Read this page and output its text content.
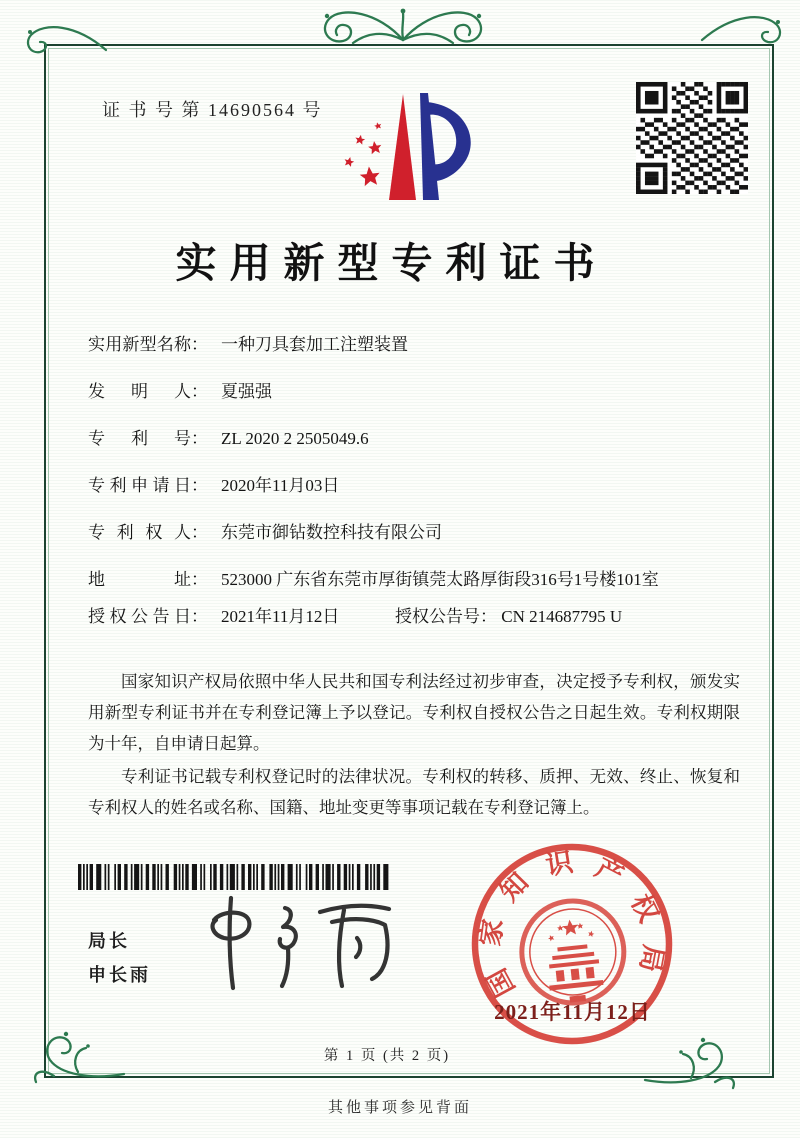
证 书 号 第 14690564 号
实用新型专利证书
实用新型名称 ： 一种刀具套加工注塑装置
发明人 ： 夏强强
专利号 ： ZL 2020 2 2505049.6
专利申请日 ： 2020年11月03日
专利权人 ： 东莞市御钻数控科技有限公司
地址 ： 523000 广东省东莞市厚街镇莞太路厚街段316号1号楼101室
授权公告日 ： 2021年11月12日	授权公告号： CN 214687795 U

国家知识产权局依照中华人民共和国专利法经过初步审查，决定授予专利权，颁发实用新型专利证书并在专利登记簿上予以登记。专利权自授权公告之日起生效。专利权期限为十年，自申请日起算。

专利证书记载专利权登记时的法律状况。专利权的转移、质押、无效、终止、恢复和专利权人的姓名或名称、国籍、地址变更等事项记载在专利登记簿上。

局长
申长雨	国家知识产权局
2021年11月12日
第 1 页 (共 2 页)
其他事项参见背面
